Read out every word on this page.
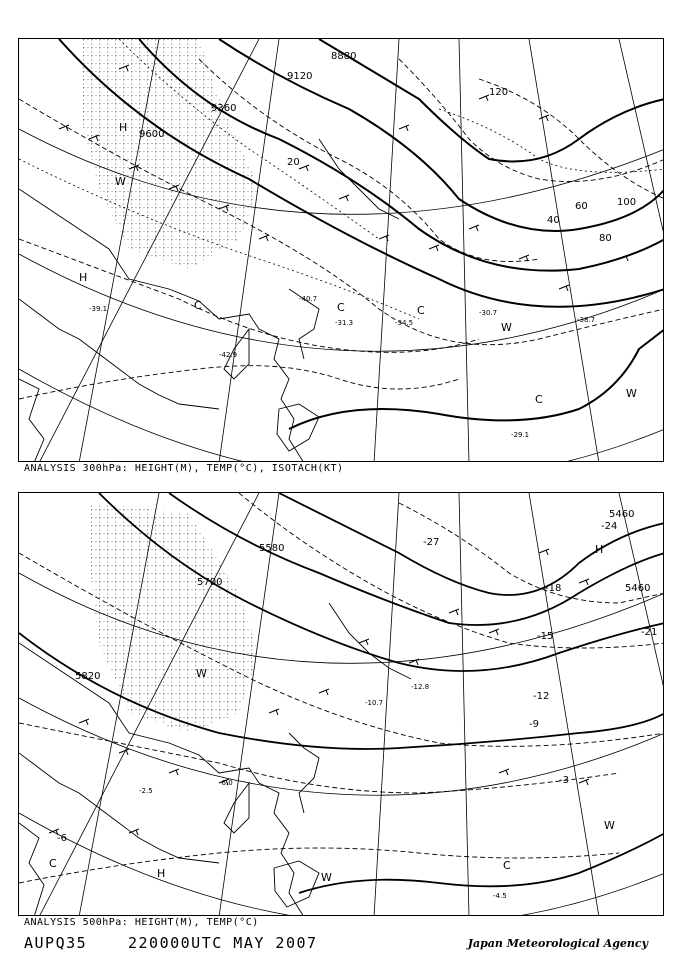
8880
9120
9360
9600
20
40
60
80
100
120
H
H
W
W
W
C	C
C
C
-39.1
-40.7
-38.7
-29.1
-31.3
-30.7
-42.9
-34.5
ANALYSIS 300hPa: HEIGHT(M), TEMP(°C), ISOTACH(KT)
5460
5460
5580
5700
5820
-27
-24
-21
-18
-15
-12
-9
-6
-3
H
H
W
W
W
C
C
-4.5
-10.7
-12.8
-6.0
-2.5
ANALYSIS 500hPa: HEIGHT(M), TEMP(°C)
AUPQ35	220000UTC MAY 2007	Japan Meteorological Agency
